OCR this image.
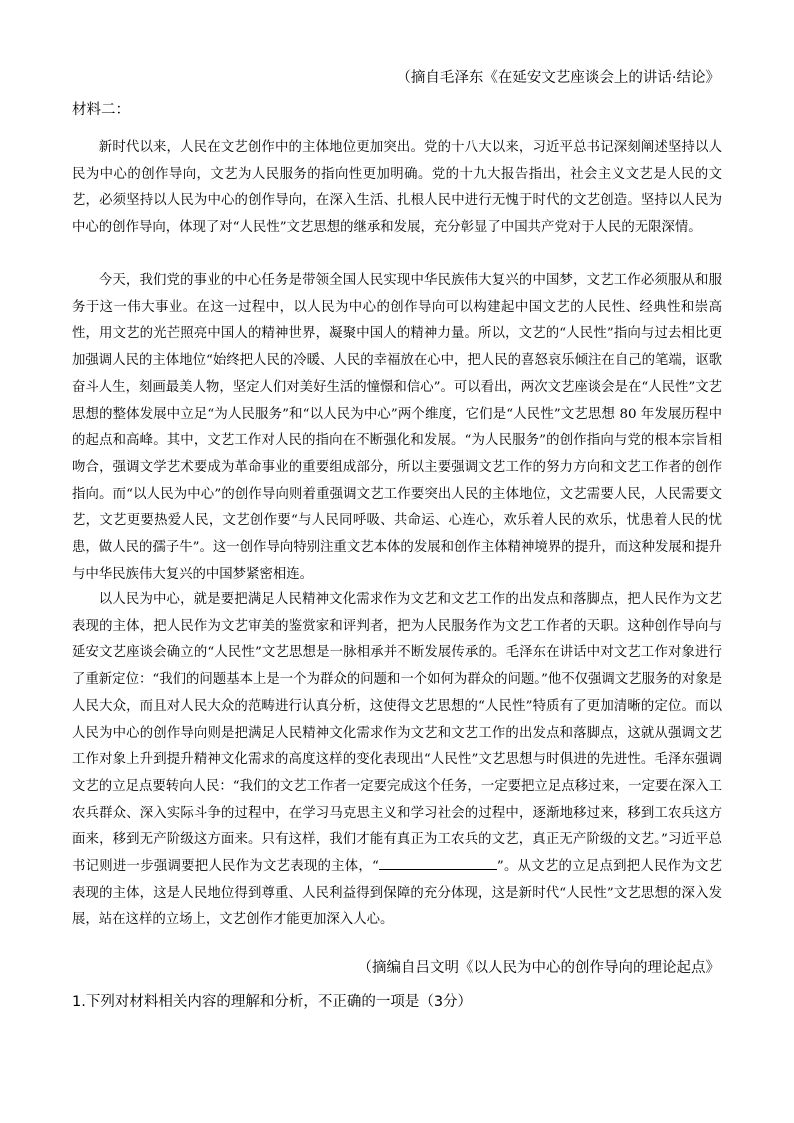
（摘自毛泽东《在延安文艺座谈会上的讲话·结论》
材料二：

新时代以来，人民在文艺创作中的主体地位更加突出。党的十八大以来，习近平总书记深刻阐述坚持以人民为中心的创作导向，文艺为人民服务的指向性更加明确。党的十九大报告指出，社会主义文艺是人民的文艺，必须坚持以人民为中心的创作导向，在深入生活、扎根人民中进行无愧于时代的文艺创造。坚持以人民为中心的创作导向，体现了对“人民性”文艺思想的继承和发展，充分彰显了中国共产党对于人民的无限深情。

今天，我们党的事业的中心任务是带领全国人民实现中华民族伟大复兴的中国梦，文艺工作必须服从和服务于这一伟大事业。在这一过程中，以人民为中心的创作导向可以构建起中国文艺的人民性、经典性和崇高性，用文艺的光芒照亮中国人的精神世界，凝聚中国人的精神力量。所以，文艺的“人民性”指向与过去相比更加强调人民的主体地位“始终把人民的冷暖、人民的幸福放在心中，把人民的喜怒哀乐倾注在自己的笔端，讴歌奋斗人生，刻画最美人物，坚定人们对美好生活的憧憬和信心”。可以看出，两次文艺座谈会是在“人民性”文艺思想的整体发展中立足“为人民服务”和“以人民为中心”两个维度，它们是“人民性”文艺思想 80 年发展历程中的起点和高峰。其中，文艺工作对人民的指向在不断强化和发展。“为人民服务”的创作指向与党的根本宗旨相吻合，强调文学艺术要成为革命事业的重要组成部分，所以主要强调文艺工作的努力方向和文艺工作者的创作指向。而“以人民为中心”的创作导向则着重强调文艺工作要突出人民的主体地位，文艺需要人民，人民需要文艺，文艺更要热爱人民，文艺创作要“与人民同呼吸、共命运、心连心，欢乐着人民的欢乐，忧患着人民的忧患，做人民的孺子牛”。这一创作导向特别注重文艺本体的发展和创作主体精神境界的提升，而这种发展和提升与中华民族伟大复兴的中国梦紧密相连。

以人民为中心，就是要把满足人民精神文化需求作为文艺和文艺工作的出发点和落脚点，把人民作为文艺表现的主体，把人民作为文艺审美的鉴赏家和评判者，把为人民服务作为文艺工作者的天职。这种创作导向与延安文艺座谈会确立的“人民性”文艺思想是一脉相承并不断发展传承的。毛泽东在讲话中对文艺工作对象进行了重新定位：“我们的问题基本上是一个为群众的问题和一个如何为群众的问题。”他不仅强调文艺服务的对象是人民大众，而且对人民大众的范畴进行认真分析，这使得文艺思想的“人民性”特质有了更加清晰的定位。而以人民为中心的创作导向则是把满足人民精神文化需求作为文艺和文艺工作的出发点和落脚点，这就从强调文艺工作对象上升到提升精神文化需求的高度这样的变化表现出“人民性”文艺思想与时俱进的先进性。毛泽东强调文艺的立足点要转向人民：“我们的文艺工作者一定要完成这个任务，一定要把立足点移过来，一定要在深入工农兵群众、深入实际斗争的过程中，在学习马克思主义和学习社会的过程中，逐渐地移过来，移到工农兵这方面来，移到无产阶级这方面来。只有这样，我们才能有真正为工农兵的文艺，真正无产阶级的文艺。”习近平总书记则进一步强调要把人民作为文艺表现的主体，“	”。从文艺的立足点到把人民作为文艺表现的主体，这是人民地位得到尊重、人民利益得到保障的充分体现，这是新时代“人民性”文艺思想的深入发展，站在这样的立场上，文艺创作才能更加深入人心。

（摘编自吕文明《以人民为中心的创作导向的理论起点》
1.下列对材料相关内容的理解和分析，不正确的一项是（3分）
